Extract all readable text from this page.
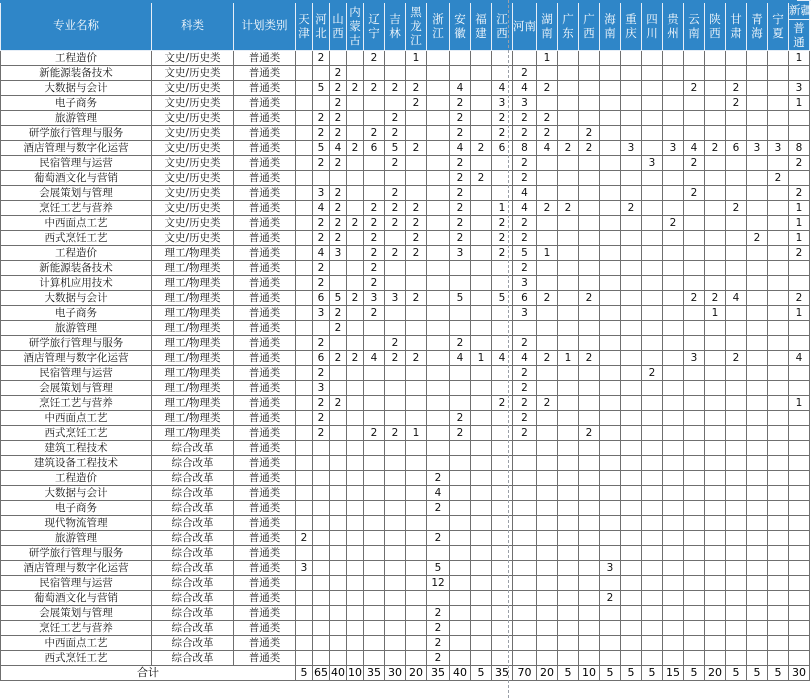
专业名称	科类	计划类别	天津	河北	山西	内蒙古	辽宁	吉林	黑龙江	浙江	安徽	福建	江西	河南	湖南	广东	广西	海南	重庆	四川	贵州	云南	陕西	甘肃	青海	宁夏	新疆	
																											普通	
工程造价	文史/历史类	普通类		2			2		1						1												1	
新能源装备技术	文史/历史类	普通类			2									2														
大数据与会计	文史/历史类	普通类		5	2	2	2	2	2		4		4	4	2							2		2			3	
电子商务	文史/历史类	普通类			2				2		2		3	3										2			1	
旅游管理	文史/历史类	普通类		2	2			2			2		2	2	2													
研学旅行管理与服务	文史/历史类	普通类		2	2		2	2			2		2	2	2		2											
酒店管理与数字化运营	文史/历史类	普通类		5	4	2	6	5	2		4	2	6	8	4	2	2		3		3	4	2	6	3	3	8	
民宿管理与运营	文史/历史类	普通类		2	2			2			2			2						3		2					2	
葡萄酒文化与营销	文史/历史类	普通类									2	2		2												2		
会展策划与管理	文史/历史类	普通类		3	2			2			2			4								2					2	
烹饪工艺与营养	文史/历史类	普通类		4	2		2	2	2		2		1	4	2	2			2					2			1	
中西面点工艺	文史/历史类	普通类		2	2	2	2	2	2		2		2	2							2						1	
西式烹饪工艺	文史/历史类	普通类		2	2		2		2		2		2	2											2		1	
工程造价	理工/物理类	普通类		4	3		2	2	2		3		2	5	1												2	
新能源装备技术	理工/物理类	普通类		2			2							2														
计算机应用技术	理工/物理类	普通类		2			2							3														
大数据与会计	理工/物理类	普通类		6	5	2	3	3	2		5		5	6	2		2					2	2	4			2	
电子商务	理工/物理类	普通类		3	2		2							3									1				1	
旅游管理	理工/物理类	普通类			2																							
研学旅行管理与服务	理工/物理类	普通类		2				2			2			2														
酒店管理与数字化运营	理工/物理类	普通类		6	2	2	4	2	2		4	1	4	4	2	1	2					3		2			4	
民宿管理与运营	理工/物理类	普通类		2										2						2								
会展策划与管理	理工/物理类	普通类		3										2														
烹饪工艺与营养	理工/物理类	普通类		2	2								2	2	2												1	
中西面点工艺	理工/物理类	普通类		2							2			2														
西式烹饪工艺	理工/物理类	普通类		2			2	2	1		2			2			2											
建筑工程技术	综合改革	普通类																										
建筑设备工程技术	综合改革	普通类																										
工程造价	综合改革	普通类								2																		
大数据与会计	综合改革	普通类								4																		
电子商务	综合改革	普通类								2																		
现代物流管理	综合改革	普通类																										
旅游管理	综合改革	普通类	2							2																		
研学旅行管理与服务	综合改革	普通类																										
酒店管理与数字化运营	综合改革	普通类	3							5								3										
民宿管理与运营	综合改革	普通类								12																		
葡萄酒文化与营销	综合改革	普通类																2										
会展策划与管理	综合改革	普通类								2																		
烹饪工艺与营养	综合改革	普通类								2																		
中西面点工艺	综合改革	普通类								2																		
西式烹饪工艺	综合改革	普通类								2																		
合计			5	65	40	10	35	30	20	35	40	5	35	70	20	5	10	5	5	5	15	5	20	5	5	5	30	
